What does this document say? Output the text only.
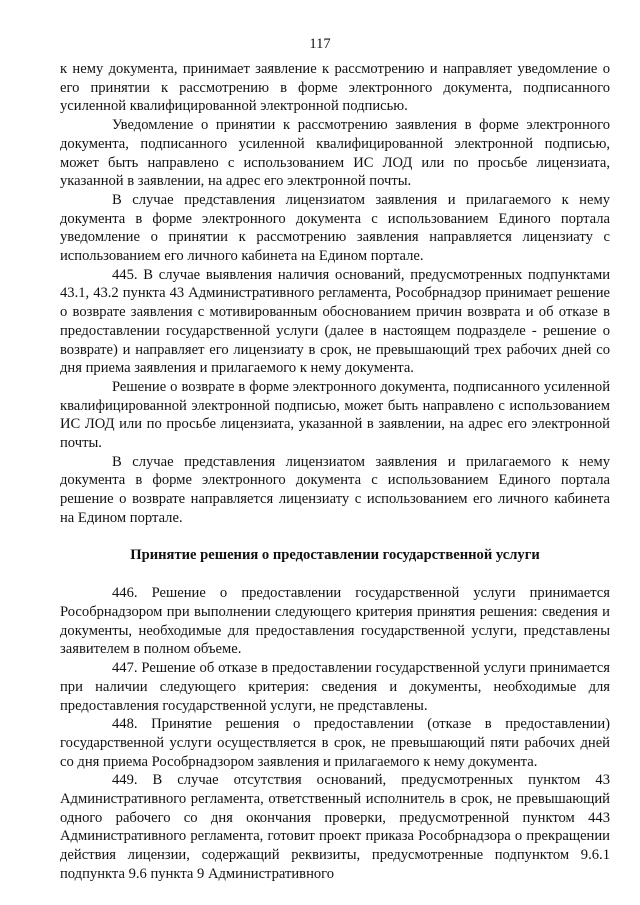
117

к нему документа, принимает заявление к рассмотрению и направляет уведомление о его принятии к рассмотрению в форме электронного документа, подписанного усиленной квалифицированной электронной подписью.

Уведомление о принятии к рассмотрению заявления в форме электронного документа, подписанного усиленной квалифицированной электронной подписью, может быть направлено с использованием ИС ЛОД или по просьбе лицензиата, указанной в заявлении, на адрес его электронной почты.

В случае представления лицензиатом заявления и прилагаемого к нему документа в форме электронного документа с использованием Единого портала уведомление о принятии к рассмотрению заявления направляется лицензиату с использованием его личного кабинета на Едином портале.

445. В случае выявления наличия оснований, предусмотренных подпунктами 43.1, 43.2 пункта 43 Административного регламента, Рособрнадзор принимает решение о возврате заявления с мотивированным обоснованием причин возврата и об отказе в предоставлении государственной услуги (далее в настоящем подразделе - решение о возврате) и направляет его лицензиату в срок, не превышающий трех рабочих дней со дня приема заявления и прилагаемого к нему документа.

Решение о возврате в форме электронного документа, подписанного усиленной квалифицированной электронной подписью, может быть направлено с использованием ИС ЛОД или по просьбе лицензиата, указанной в заявлении, на адрес его электронной почты.

В случае представления лицензиатом заявления и прилагаемого к нему документа в форме электронного документа с использованием Единого портала решение о возврате направляется лицензиату с использованием его личного кабинета на Едином портале.

Принятие решения о предоставлении государственной услуги

446. Решение о предоставлении государственной услуги принимается Рособрнадзором при выполнении следующего критерия принятия решения: сведения и документы, необходимые для предоставления государственной услуги, представлены заявителем в полном объеме.

447. Решение об отказе в предоставлении государственной услуги принимается при наличии следующего критерия: сведения и документы, необходимые для предоставления государственной услуги, не представлены.

448. Принятие решения о предоставлении (отказе в предоставлении) государственной услуги осуществляется в срок, не превышающий пяти рабочих дней со дня приема Рособрнадзором заявления и прилагаемого к нему документа.

449. В случае отсутствия оснований, предусмотренных пунктом 43 Административного регламента, ответственный исполнитель в срок, не превышающий одного рабочего со дня окончания проверки, предусмотренной пунктом 443 Административного регламента, готовит проект приказа Рособрнадзора о прекращении действия лицензии, содержащий реквизиты, предусмотренные подпунктом 9.6.1 подпункта 9.6 пункта 9 Административного
